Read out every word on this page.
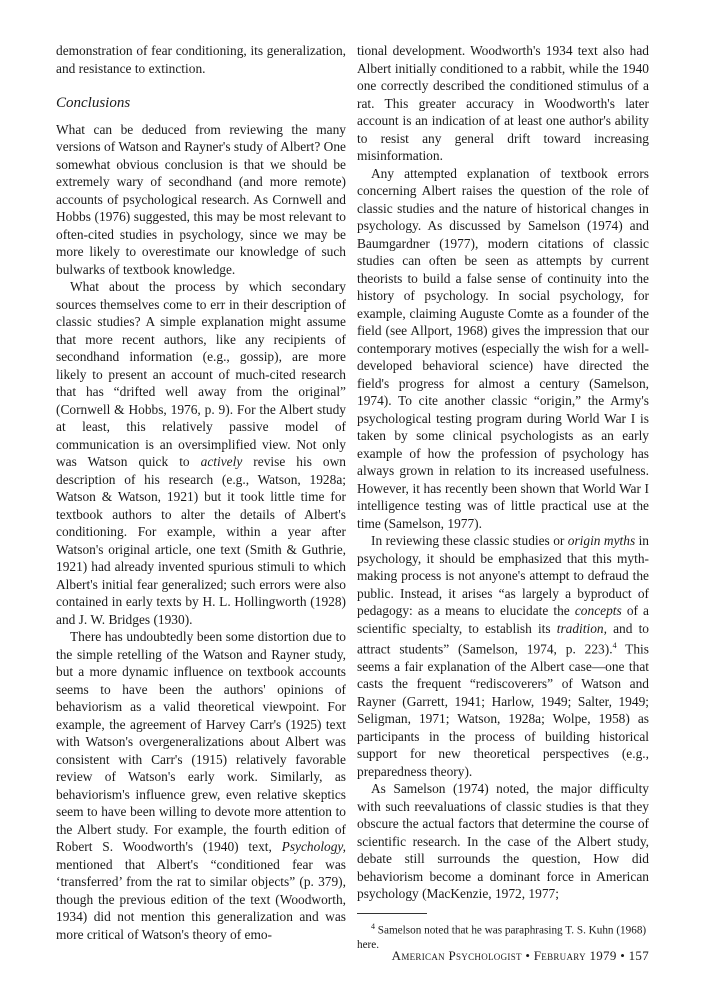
demonstration of fear conditioning, its generalization, and resistance to extinction.

Conclusions

What can be deduced from reviewing the many versions of Watson and Rayner's study of Albert? One somewhat obvious conclusion is that we should be extremely wary of secondhand (and more remote) accounts of psychological research. As Cornwell and Hobbs (1976) suggested, this may be most relevant to often-cited studies in psychology, since we may be more likely to overestimate our knowledge of such bulwarks of textbook knowledge.

What about the process by which secondary sources themselves come to err in their description of classic studies? A simple explanation might assume that more recent authors, like any recipients of secondhand information (e.g., gossip), are more likely to present an account of much-cited research that has “drifted well away from the original” (Cornwell & Hobbs, 1976, p. 9). For the Albert study at least, this relatively passive model of communication is an oversimplified view. Not only was Watson quick to actively revise his own description of his research (e.g., Watson, 1928a; Watson & Watson, 1921) but it took little time for textbook authors to alter the details of Albert's conditioning. For example, within a year after Watson's original article, one text (Smith & Guthrie, 1921) had already invented spurious stimuli to which Albert's initial fear generalized; such errors were also contained in early texts by H. L. Hollingworth (1928) and J. W. Bridges (1930).

There has undoubtedly been some distortion due to the simple retelling of the Watson and Rayner study, but a more dynamic influence on textbook accounts seems to have been the authors' opinions of behaviorism as a valid theoretical viewpoint. For example, the agreement of Harvey Carr's (1925) text with Watson's overgeneralizations about Albert was consistent with Carr's (1915) relatively favorable review of Watson's early work. Similarly, as behaviorism's influence grew, even relative skeptics seem to have been willing to devote more attention to the Albert study. For example, the fourth edition of Robert S. Woodworth's (1940) text, Psychology, mentioned that Albert's “conditioned fear was ‘transferred’ from the rat to similar objects” (p. 379), though the previous edition of the text (Woodworth, 1934) did not mention this generalization and was more critical of Watson's theory of emo-

tional development. Woodworth's 1934 text also had Albert initially conditioned to a rabbit, while the 1940 one correctly described the conditioned stimulus of a rat. This greater accuracy in Woodworth's later account is an indication of at least one author's ability to resist any general drift toward increasing misinformation.

Any attempted explanation of textbook errors concerning Albert raises the question of the role of classic studies and the nature of historical changes in psychology. As discussed by Samelson (1974) and Baumgardner (1977), modern citations of classic studies can often be seen as attempts by current theorists to build a false sense of continuity into the history of psychology. In social psychology, for example, claiming Auguste Comte as a founder of the field (see Allport, 1968) gives the impression that our contemporary motives (especially the wish for a well-developed behavioral science) have directed the field's progress for almost a century (Samelson, 1974). To cite another classic “origin,” the Army's psychological testing program during World War I is taken by some clinical psychologists as an early example of how the profession of psychology has always grown in relation to its increased usefulness. However, it has recently been shown that World War I intelligence testing was of little practical use at the time (Samelson, 1977).

In reviewing these classic studies or origin myths in psychology, it should be emphasized that this myth-making process is not anyone's attempt to defraud the public. Instead, it arises “as largely a byproduct of pedagogy: as a means to elucidate the concepts of a scientific specialty, to establish its tradition, and to attract students” (Samelson, 1974, p. 223).$^4$ This seems a fair explanation of the Albert case—one that casts the frequent “rediscoverers” of Watson and Rayner (Garrett, 1941; Harlow, 1949; Salter, 1949; Seligman, 1971; Watson, 1928a; Wolpe, 1958) as participants in the process of building historical support for new theoretical perspectives (e.g., preparedness theory).

As Samelson (1974) noted, the major difficulty with such reevaluations of classic studies is that they obscure the actual factors that determine the course of scientific research. In the case of the Albert study, debate still surrounds the question, How did behaviorism become a dominant force in American psychology (MacKenzie, 1972, 1977;

$^4$ Samelson noted that he was paraphrasing T. S. Kuhn (1968) here.

American Psychologist • February 1979 • 157
